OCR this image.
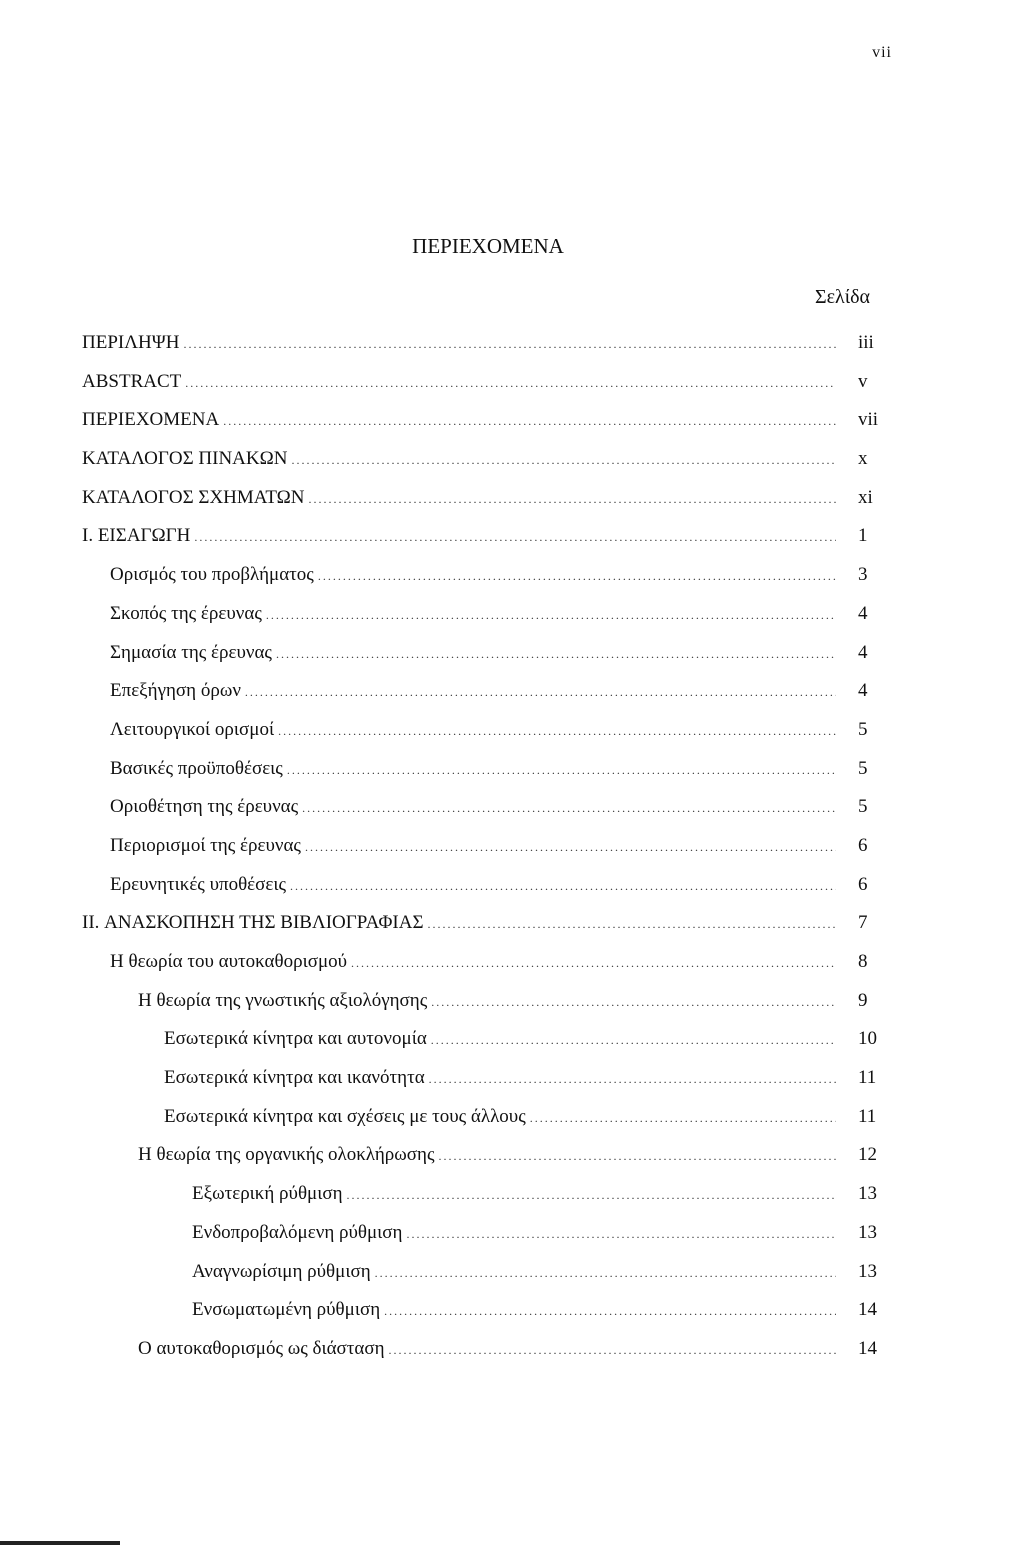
vii
ΠΕΡΙΕΧΟΜΕΝΑ
Σελίδα
ΠΕΡΙΛΗΨΗ .....	iii
ABSTRACT .....	v
ΠΕΡΙΕΧΟΜΕΝΑ .....	vii
ΚΑΤΑΛΟΓΟΣ ΠΙΝΑΚΩΝ .....	x
ΚΑΤΑΛΟΓΟΣ ΣΧΗΜΑΤΩΝ .....	xi
I. ΕΙΣΑΓΩΓΗ .....	1
Ορισμός του προβλήματος .....	3
Σκοπός της έρευνας .....	4
Σημασία της έρευνας .....	4
Επεξήγηση όρων .....	4
Λειτουργικοί ορισμοί .....	5
Βασικές προϋποθέσεις .....	5
Οριοθέτηση της έρευνας .....	5
Περιορισμοί της έρευνας .....	6
Ερευνητικές υποθέσεις .....	6
II. ΑΝΑΣΚΟΠΗΣΗ ΤΗΣ ΒΙΒΛΙΟΓΡΑΦΙΑΣ .....	7
Η θεωρία του αυτοκαθορισμού .....	8
Η θεωρία της γνωστικής αξιολόγησης .....	9
Εσωτερικά κίνητρα και αυτονομία .....	10
Εσωτερικά κίνητρα και ικανότητα .....	11
Εσωτερικά κίνητρα και σχέσεις με τους άλλους .....	11
Η θεωρία της οργανικής ολοκλήρωσης .....	12
Εξωτερική ρύθμιση .....	13
Ενδοπροβαλόμενη ρύθμιση .....	13
Αναγνωρίσιμη ρύθμιση .....	13
Ενσωματωμένη ρύθμιση .....	14
Ο αυτοκαθορισμός ως διάσταση .....	14
